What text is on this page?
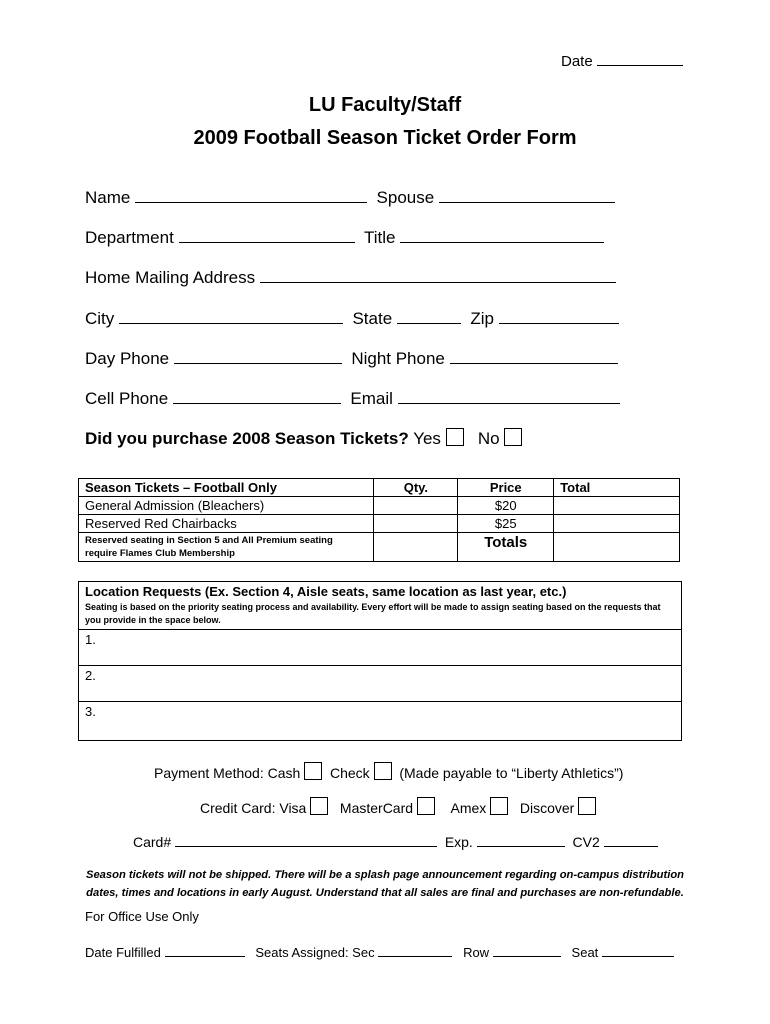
Date
LU Faculty/Staff
2009 Football Season Ticket Order Form
Name	Spouse
Department	Title
Home Mailing Address
City	State	Zip
Day Phone	Night Phone
Cell Phone	Email
Did you purchase 2008 Season Tickets? Yes No
Season Tickets – Football Only	Qty.	Price	Total
General Admission (Bleachers)		$20	
Reserved Red Chairbacks		$25	
Reserved seating in Section 5 and All Premium seating require Flames Club Membership		Totals	
Location Requests (Ex. Section 4, Aisle seats, same location as last year, etc.)
Seating is based on the priority seating process and availability. Every effort will be made to assign seating based on the requests that you provide in the space below.
1.
2.
3.
Payment Method: Cash Check (Made payable to “Liberty Athletics”)
Credit Card: Visa MasterCard	Amex Discover
Card#	Exp.	CV2
Season tickets will not be shipped. There will be a splash page announcement regarding on-campus distribution
dates, times and locations in early August. Understand that all sales are final and purchases are non-refundable.
For Office Use Only
Date Fulfilled	Seats Assigned: Sec	Row	Seat
